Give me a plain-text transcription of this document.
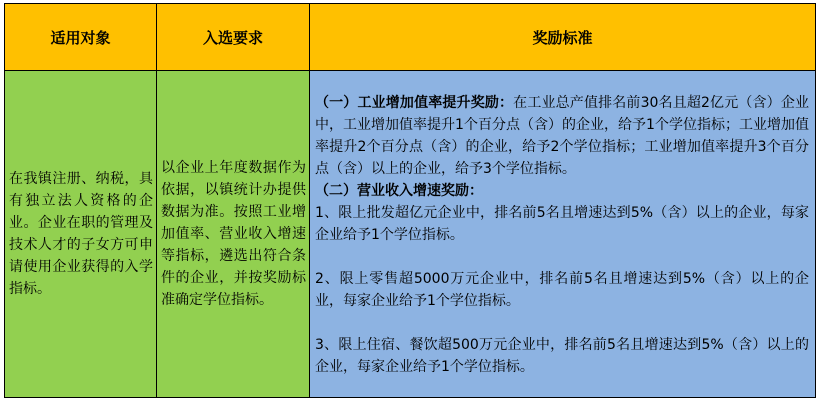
适用对象	入选要求	奖励标准

在我镇注册、纳税，具有独立法人资格的企业。企业在职的管理及技术人才的子女方可申请使用企业获得的入学指标。	以企业上年度数据作为依据，以镇统计办提供数据为准。按照工业增加值率、营业收入增速等指标，遴选出符合条件的企业，并按奖励标准确定学位指标。	（一）工业增加值率提升奖励：在工业总产值排名前30名且超2亿元（含）企业中，工业增加值率提升1个百分点（含）的企业，给予1个学位指标；工业增加值率提升2个百分点（含）的企业，给予2个学位指标；工业增加值率提升3个百分点（含）以上的企业，给予3个学位指标。

（二）营业收入增速奖励：

1、限上批发超亿元企业中，排名前5名且增速达到5%（含）以上的企业，每家企业给予1个学位指标。

2、限上零售超5000万元企业中，排名前5名且增速达到5%（含）以上的企业，每家企业给予1个学位指标。

3、限上住宿、餐饮超500万元企业中，排名前5名且增速达到5%（含）以上的企业，每家企业给予1个学位指标。
